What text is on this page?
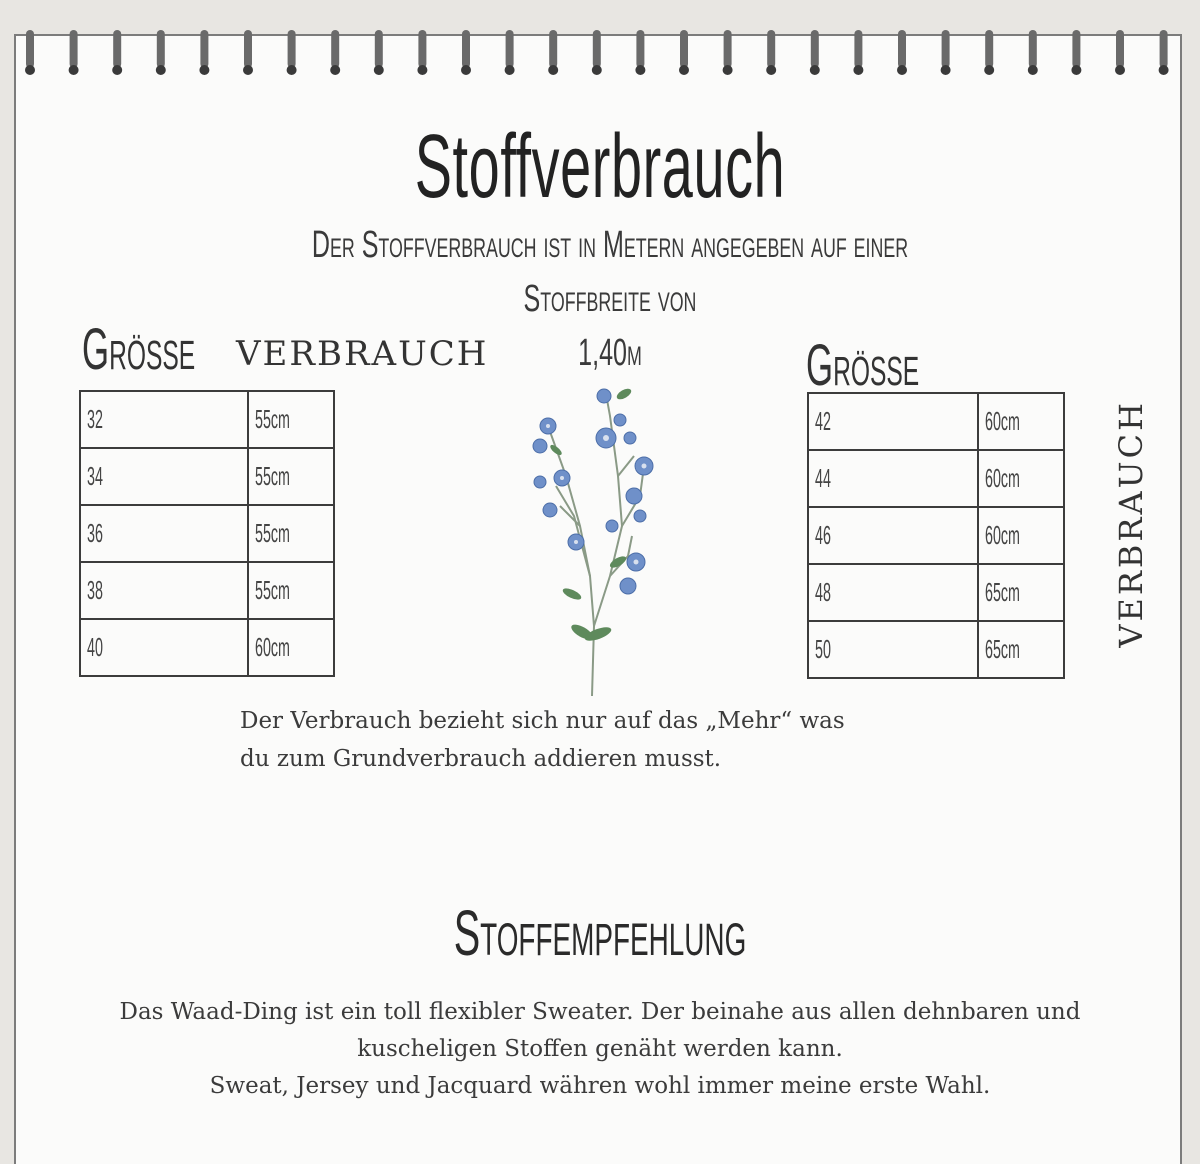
Stoffverbrauch
Der Stoffverbrauch ist in Metern angegeben auf einer Stoffbreite von
1,40m
Größe VERBRAUCH
32	55cm
34	55cm
36	55cm
38	55cm
40	60cm
Größe
VERBRAUCH
42	60cm
44	60cm
46	60cm
48	65cm
50	65cm
Der Verbrauch bezieht sich nur auf das „Mehr“ was
du zum Grundverbrauch addieren musst.
Stoffempfehlung
Das Waad-Ding ist ein toll flexibler Sweater. Der beinahe aus allen dehnbaren und
kuscheligen Stoffen genäht werden kann.
Sweat, Jersey und Jacquard währen wohl immer meine erste Wahl.
